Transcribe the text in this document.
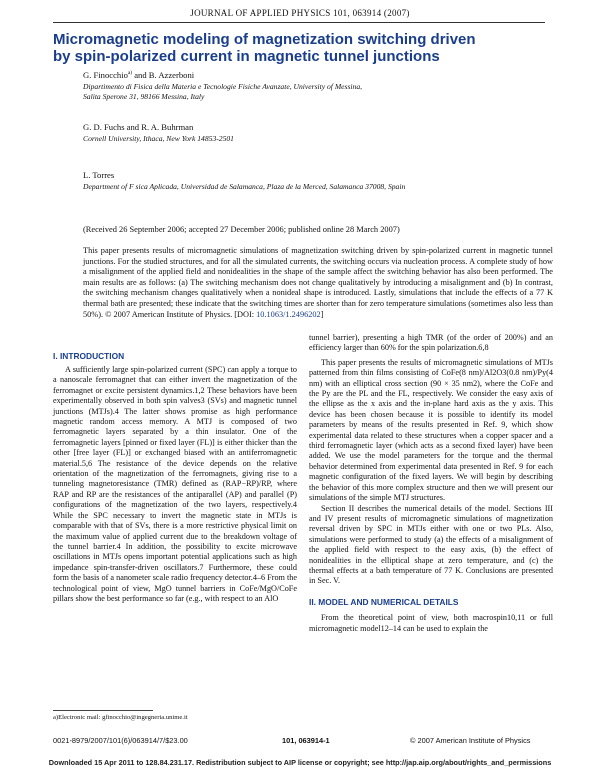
JOURNAL OF APPLIED PHYSICS 101, 063914 (2007)
Micromagnetic modeling of magnetization switching driven
by spin-polarized current in magnetic tunnel junctions
G. Finocchio$^{a)}$ and B. Azzerboni
Dipartimento di Fisica della Materia e Tecnologie Fisiche Avanzate, University of Messina,
Salita Sperone 31, 98166 Messina, Italy
G. D. Fuchs and R. A. Buhrman
Cornell University, Ithaca, New York 14853-2501
L. Torres
Department of F sica Aplicada, Universidad de Salamanca, Plaza de la Merced, Salamanca 37008, Spain
(Received 26 September 2006; accepted 27 December 2006; published online 28 March 2007)
This paper presents results of micromagnetic simulations of magnetization switching driven by spin-polarized current in magnetic tunnel junctions. For the studied structures, and for all the simulated currents, the switching occurs via nucleation process. A complete study of how a misalignment of the applied field and nonidealities in the shape of the sample affect the switching behavior has also been performed. The main results are as follows: (a) The switching mechanism does not change qualitatively by introducing a misalignment and (b) In contrast, the switching mechanism changes qualitatively when a nonideal shape is introduced. Lastly, simulations that include the effects of a 77 K thermal bath are presented; these indicate that the switching times are shorter than for zero temperature simulations (sometimes also less than 50%). © 2007 American Institute of Physics. [DOI: 10.1063/1.2496202]
I. INTRODUCTION

A sufficiently large spin-polarized current (SPC) can apply a torque to a nanoscale ferromagnet that can either invert the magnetization of the ferromagnet or excite persistent dynamics.1,2 These behaviors have been experimentally observed in both spin valves3 (SVs) and magnetic tunnel junctions (MTJs).4 The latter shows promise as high performance magnetic random access memory. A MTJ is composed of two ferromagnetic layers separated by a thin insulator. One of the ferromagnetic layers [pinned or fixed layer (FL)] is either thicker than the other [free layer (FL)] or exchanged biased with an antiferromagnetic material.5,6 The resistance of the device depends on the relative orientation of the magnetization of the ferromagnets, giving rise to a tunneling magnetoresistance (TMR) defined as (RAP−RP)/RP, where RAP and RP are the resistances of the antiparallel (AP) and parallel (P) configurations of the magnetization of the two layers, respectively.4 While the SPC necessary to invert the magnetic state in MTJs is comparable with that of SVs, there is a more restrictive physical limit on the maximum value of applied current due to the breakdown voltage of the tunnel barrier.4 In addition, the possibility to excite microwave oscillations in MTJs opens important potential applications such as high impedance spin-transfer-driven oscillators.7 Furthermore, these could form the basis of a nanometer scale radio frequency detector.4–6 From the technological point of view, MgO tunnel barriers in CoFe/MgO/CoFe pillars show the best performance so far (e.g., with respect to an AlO

tunnel barrier), presenting a high TMR (of the order of 200%) and an efficiency larger than 60% for the spin polarization.6,8

This paper presents the results of micromagnetic simulations of MTJs patterned from thin films consisting of CoFe(8 nm)/Al2O3(0.8 nm)/Py(4 nm) with an elliptical cross section (90 × 35 nm2), where the CoFe and the Py are the PL and the FL, respectively. We consider the easy axis of the ellipse as the x axis and the in-plane hard axis as the y axis. This device has been chosen because it is possible to identify its model parameters by means of the results presented in Ref. 9, which show experimental data related to these structures when a copper spacer and a third ferromagnetic layer (which acts as a second fixed layer) have been added. We use the model parameters for the torque and the thermal behavior determined from experimental data presented in Ref. 9 for each magnetic configuration of the fixed layers. We will begin by describing the behavior of this more complex structure and then we will present our simulations of the simple MTJ structures.

Section II describes the numerical details of the model. Sections III and IV present results of micromagnetic simulations of magnetization reversal driven by SPC in MTJs either with one or two PLs. Also, simulations were performed to study (a) the effects of a misalignment of the applied field with respect to the easy axis, (b) the effect of nonidealities in the elliptical shape at zero temperature, and (c) the thermal effects at a bath temperature of 77 K. Conclusions are presented in Sec. V.

II. MODEL AND NUMERICAL DETAILS

From the theoretical point of view, both macrospin10,11 or full micromagnetic model12–14 can be used to explain the

a)Electronic mail: gfinocchio@ingegneria.unime.it
0021-8979/2007/101(6)/063914/7/$23.00	101, 063914-1	© 2007 American Institute of Physics
Downloaded 15 Apr 2011 to 128.84.231.17. Redistribution subject to AIP license or copyright; see http://jap.aip.org/about/rights_and_permissions
